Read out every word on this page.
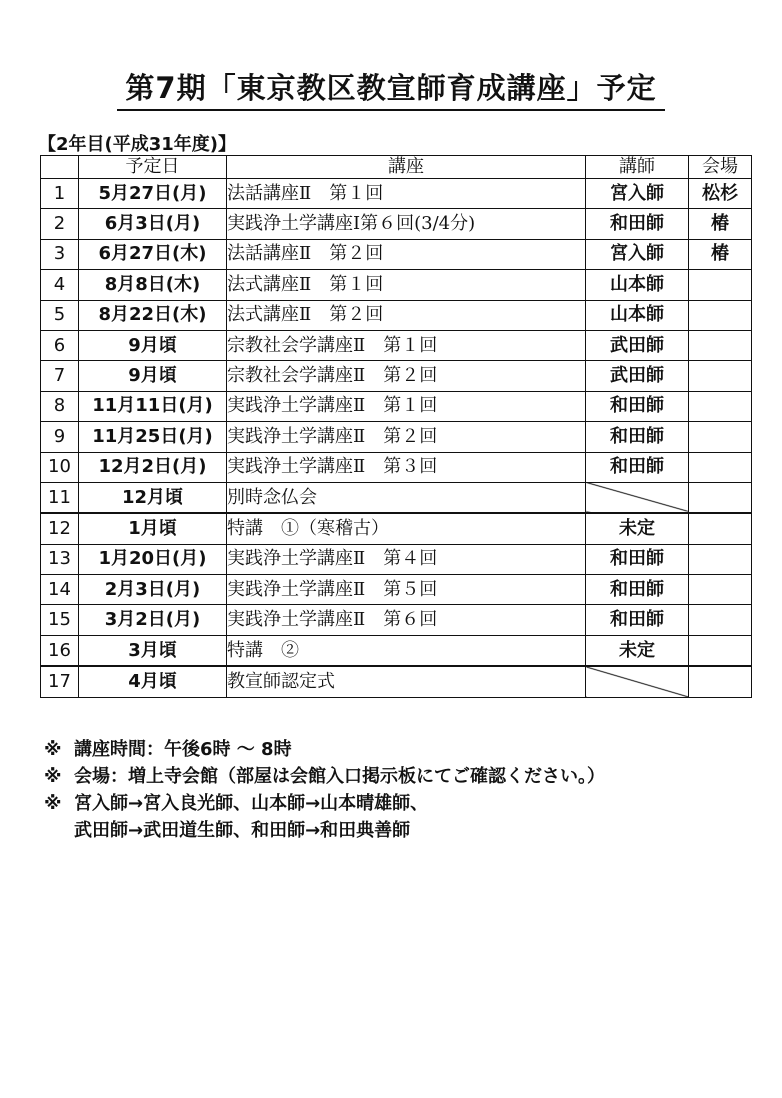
第7期「東京教区教宣師育成講座」予定
【2年目(平成31年度)】
	予定日	講座	講師	会場
1	5月27日(月)	法話講座Ⅱ　第１回	宮入師	松杉
2	6月3日(月)	実践浄土学講座Ⅰ第６回(3/4分)	和田師	椿
3	6月27日(木)	法話講座Ⅱ　第２回	宮入師	椿
4	8月8日(木)	法式講座Ⅱ　第１回	山本師	
5	8月22日(木)	法式講座Ⅱ　第２回	山本師	
6	9月頃	宗教社会学講座Ⅱ　第１回	武田師	
7	9月頃	宗教社会学講座Ⅱ　第２回	武田師	
8	11月11日(月)	実践浄土学講座Ⅱ　第１回	和田師	
9	11月25日(月)	実践浄土学講座Ⅱ　第２回	和田師	
10	12月2日(月)	実践浄土学講座Ⅱ　第３回	和田師	
11	12月頃	別時念仏会		
12	1月頃	特講　①（寒稽古）	未定	
13	1月20日(月)	実践浄土学講座Ⅱ　第４回	和田師	
14	2月3日(月)	実践浄土学講座Ⅱ　第５回	和田師	
15	3月2日(月)	実践浄土学講座Ⅱ　第６回	和田師	
16	3月頃	特講　②	未定	
17	4月頃	教宣師認定式		
※ 講座時間：午後6時 〜 8時
※ 会場：増上寺会館（部屋は会館入口掲示板にてご確認ください。）
※ 宮入師→宮入良光師、山本師→山本晴雄師、
武田師→武田道生師、和田師→和田典善師
